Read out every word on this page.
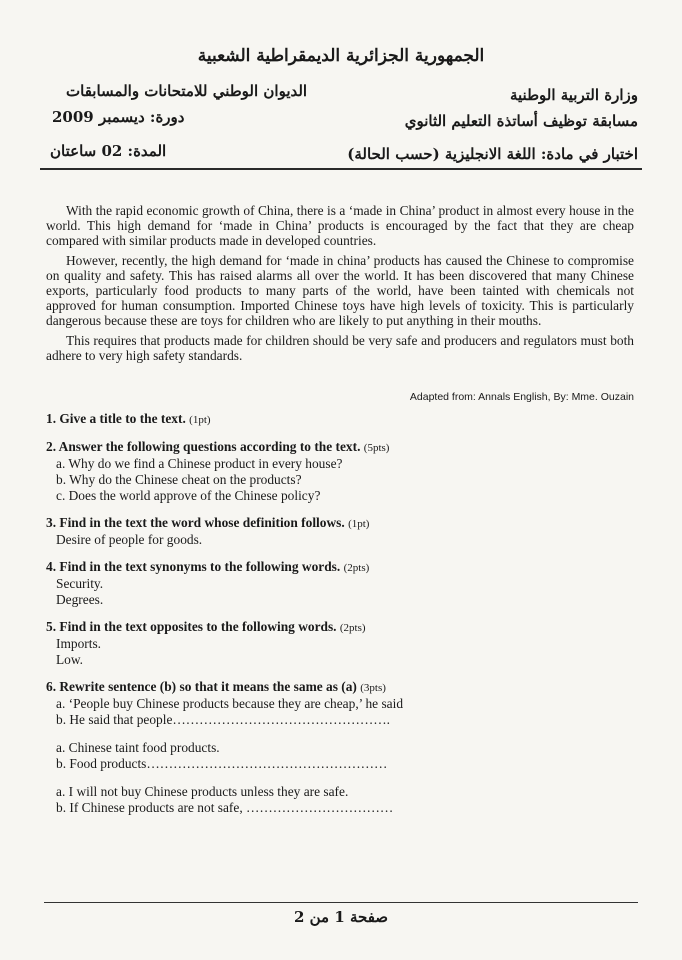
الجمهورية الجزائرية الديمقراطية الشعبية
وزارة التربية الوطنية
الديوان الوطني للامتحانات والمسابقات
مسابقة توظيف أساتذة التعليم الثانوي
دورة: ديسمبر 2009
اختبار في مادة: اللغة الانجليزية (حسب الحالة)
المدة: 02 ساعتان

With the rapid economic growth of China, there is a ‘made in China’ product in almost every house in the world. This high demand for ‘made in China’ products is encouraged by the fact that they are cheap compared with similar products made in developed countries.

However, recently, the high demand for ‘made in china’ products has caused the Chinese to compromise on quality and safety. This has raised alarms all over the world. It has been discovered that many Chinese exports, particularly food products to many parts of the world, have been tainted with chemicals not approved for human consumption. Imported Chinese toys have high levels of toxicity. This is particularly dangerous because these are toys for children who are likely to put anything in their mouths.

This requires that products made for children should be very safe and producers and regulators must both adhere to very high safety standards.

Adapted from: Annals English, By: Mme. Ouzain
1. Give a title to the text. (1pt)
2. Answer the following questions according to the text. (5pts)
a. Why do we find a Chinese product in every house?
b. Why do the Chinese cheat on the products?
c. Does the world approve of the Chinese policy?
3. Find in the text the word whose definition follows. (1pt)
Desire of people for goods.
4. Find in the text synonyms to the following words. (2pts)
Security.
Degrees.
5. Find in the text opposites to the following words. (2pts)
Imports.
Low.
6. Rewrite sentence (b) so that it means the same as (a) (3pts)
a. ‘People buy Chinese products because they are cheap,’ he said
b. He said that people………………………………………….
a. Chinese taint food products.
b. Food products………………………………………………
a. I will not buy Chinese products unless they are safe.
b. If Chinese products are not safe, ……………………………
صفحة 1 من 2
